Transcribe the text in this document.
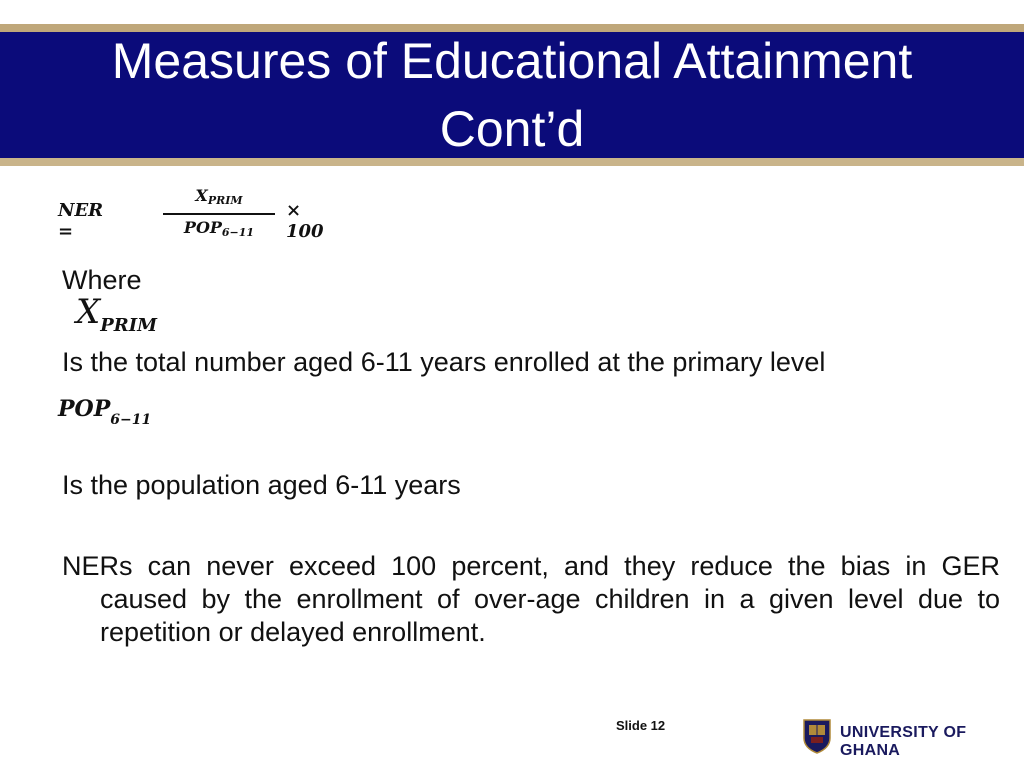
Measures of Educational Attainment
Cont’d
NER =
$X_{PRIM}$
$POP_{6-11}$
× 100
Where
$X_{PRIM}$
Is the total number aged 6-11 years enrolled at the primary level
$POP_{6-11}$
Is the population aged 6-11 years
NERs can never exceed 100 percent, and they reduce the bias in GER caused by the enrollment of over-age children in a given level due to repetition or delayed enrollment.
Slide 12	UNIVERSITY OF GHANA
